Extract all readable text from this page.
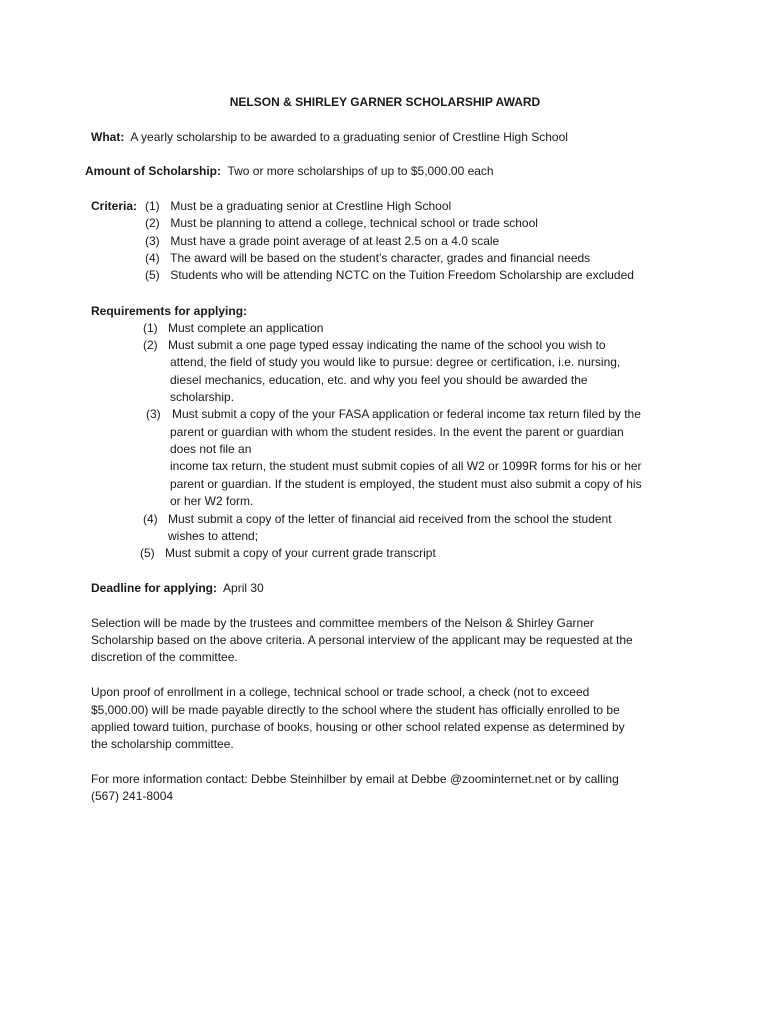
NELSON & SHIRLEY GARNER SCHOLARSHIP AWARD
What: A yearly scholarship to be awarded to a graduating senior of Crestline High School
Amount of Scholarship: Two or more scholarships of up to $5,000.00 each
Criteria: (1) Must be a graduating senior at Crestline High School
(2) Must be planning to attend a college, technical school or trade school
(3) Must have a grade point average of at least 2.5 on a 4.0 scale
(4) The award will be based on the student’s character, grades and financial needs
(5) Students who will be attending NCTC on the Tuition Freedom Scholarship are excluded
Requirements for applying:
(1) Must complete an application
(2) Must submit a one page typed essay indicating the name of the school you wish to
attend, the field of study you would like to pursue: degree or certification, i.e. nursing,
diesel mechanics, education, etc. and why you feel you should be awarded the
scholarship.
(3) Must submit a copy of the your FASA application or federal income tax return filed by the
parent or guardian with whom the student resides. In the event the parent or guardian
does not file an
income tax return, the student must submit copies of all W2 or 1099R forms for his or her
parent or guardian. If the student is employed, the student must also submit a copy of his
or her W2 form.
(4) Must submit a copy of the letter of financial aid received from the school the student
wishes to attend;
(5) Must submit a copy of your current grade transcript
Deadline for applying: April 30
Selection will be made by the trustees and committee members of the Nelson & Shirley Garner
Scholarship based on the above criteria. A personal interview of the applicant may be requested at the
discretion of the committee.
Upon proof of enrollment in a college, technical school or trade school, a check (not to exceed
$5,000.00) will be made payable directly to the school where the student has officially enrolled to be
applied toward tuition, purchase of books, housing or other school related expense as determined by
the scholarship committee.
For more information contact: Debbe Steinhilber by email at Debbe @zoominternet.net or by calling
(567) 241-8004
